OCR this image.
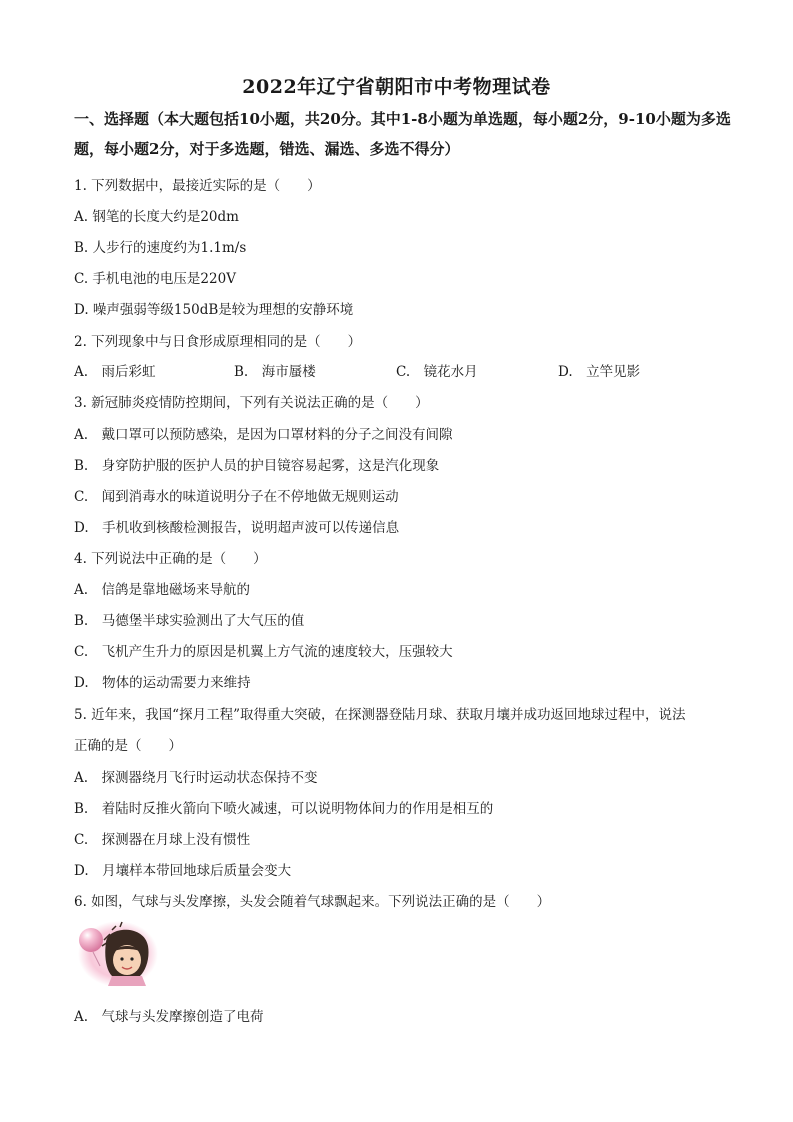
2022年辽宁省朝阳市中考物理试卷
一、选择题（本大题包括10小题，共20分。其中1-8小题为单选题，每小题2分，9-10小题为多选题，每小题2分，对于多选题，错选、漏选、多选不得分）
1. 下列数据中，最接近实际的是（　　）
A. 钢笔的长度大约是20dm
B. 人步行的速度约为1.1m/s
C. 手机电池的电压是220V
D. 噪声强弱等级150dB是较为理想的安静环境
2. 下列现象中与日食形成原理相同的是（　　）
A.　雨后彩虹	B.　海市蜃楼	C.　镜花水月	D.　立竿见影
3. 新冠肺炎疫情防控期间，下列有关说法正确的是（　　）
A.　戴口罩可以预防感染，是因为口罩材料的分子之间没有间隙
B.　身穿防护服的医护人员的护目镜容易起雾，这是汽化现象
C.　闻到消毒水的味道说明分子在不停地做无规则运动
D.　手机收到核酸检测报告，说明超声波可以传递信息
4. 下列说法中正确的是（　　）
A.　信鸽是靠地磁场来导航的
B.　马德堡半球实验测出了大气压的值
C.　飞机产生升力的原因是机翼上方气流的速度较大，压强较大
D.　物体的运动需要力来维持
5. 近年来，我国“探月工程”取得重大突破，在探测器登陆月球、获取月壤并成功返回地球过程中，说法
正确的是（　　）
A.　探测器绕月飞行时运动状态保持不变
B.　着陆时反推火箭向下喷火减速，可以说明物体间力的作用是相互的
C.　探测器在月球上没有惯性
D.　月壤样本带回地球后质量会变大
6. 如图，气球与头发摩擦，头发会随着气球飘起来。下列说法正确的是（　　）
A.　气球与头发摩擦创造了电荷
